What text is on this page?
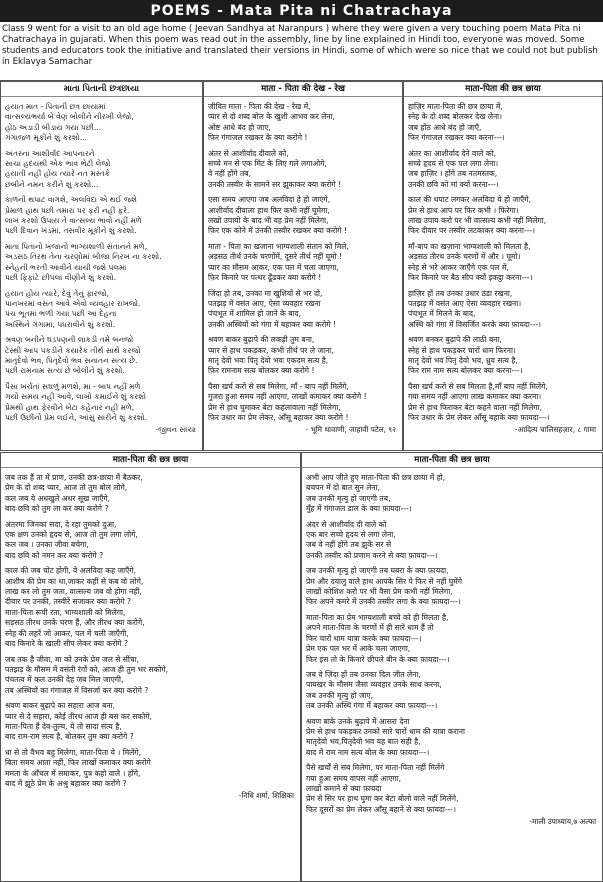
POEMS - Mata Pita ni Chatrachaya
Class 9 went for a visit to an old age home ( Jeevan Sandhya at Naranpurs ) where they were given a very touching poem Mata Pita ni Chatrachaya in gujarati. When this poem was read out in the assembly, line by line explained in Hindi too, everyone was moved. Some students and educators took the initiative and translated their versions in Hindi, some of which were so nice that we could not but publish in Eklavya Samachar
માતા પિતાની છત્રછાયા

હયાત માત - પિતાની છત્ર છાયામાં
વાત્સલ્યભર્યા બે વેણ બોલીને નીરખી લેજો,
હોઠ અડાડી બીડાય ગયા પછી...
ગંગાજળ મૂકીને શું કરશો...

અંતરના આશીર્વાદ આપનારને
સાચા હદયથી એક ભાવ ભેટી લેજો
હયાતી નહીં હોય ત્યારે નત મસ્તકે
છબીને નમન કરીને શું કરશો...

કાળની થપાટ વાગશે, અલવિદા એ થઈ જશે
પ્રેમાળ હાથ પછી તમારા પર ફરી નહીં ફરે.
લાખ કરશો ઉપાય તે વાત્સલ્ય ભાવો નહીં મળે
પછી દિવાન ખંડમાં, તસવીર મૂકીને શું કરશો.

માતા પિતાનો ખજાનો ભાગ્યશાળી સંતાનને મળે,
અડસઠ તિરથ તેના ચરણોમાં બીજા નિરખ ના કરશો.
સ્નેહની ભરતી આવીને યાચી જશે પલમાં
પછી ફિફાંટે છીપલાં વીણીને શું કરશો.

હયાત હોય ત્યારે, દેવું તેનું ફારજો,
પાનખરમાં વસંત આવે એવો વ્યવહાર રાખજો.
પંચ ભૂતમાં ભળી ગયા પછી આ દેહના
અસ્થિને ગંગામાં, પધરાવીને શું કરશો.

શ્રવણ બનીને ઘડપણની લાકડી તમે બનજો
ટેસ્થી આપ પકડીને કયારેક તીર્થ સાથે કરજો
માતૃદેવો ભવ, પિતૃદેવો ભવ સનાતન સત્ય છે.
પછી રામનામ સત્ય છે બોલીને શું કરશો.

પૈસા ખર્ચતાં સઘળું મળશે, મા - બાપ નહીં મળે
ગયો સમય નહીં આવે, લાખો કમાઈને શું કરશો
પ્રેમથી હાથ ફેરવીને બેટા કહેનાર નહીં મળે,
પછી ઉછીંનો પ્રેમ લઈને, આંસું સારીને શું કરશો.

-જીવન સંધ્યા
माता - पिता की देख - रेख

जीवित माता - पिता की देख - रेख में,
प्यार से दो शब्द बोल के खुशी आभव कर लेना,
ओष्ट आधे बंद हो जाए,
फ़िर गंगाजल रखकर के क्या करोगे !

अंतर से आशीर्वाद दीवाले को,
सच्चे मन से एक मिंट के लिए गले लगाओगे,
वे नहीं होंगे तब,
उनकी तस्वीर के सामने सर झुकाकर क्या करोगे !

एसा समय आएगा जब अलविदा हे हो जाएंगे,
आशीर्वाद दीवाला हाथ फ़िर कभी नहीं घूमेगा,
लखो उपायो के बाद भी वह प्रेम नहीं मिलेगा,
फ़िर एक कोने में उनकी तस्वीर रखकर क्या करोगे !

माता - पिता का खजाना भाग्यशाली संतान को मिले,
अड़सठ तीर्थ उनके चरणोंमें, दूसरे तीर्थ नहीं घूमो !
प्यार का मौसम आकर, एक पल में चला जाएगा,
फ़िर किनारे पर पत्थर ढूँढकर क्या करोगे !

जिंदा हो तब, उनका मा खुशियों से भर दो,
पतझड़ में वसंत आए, ऐसा व्यवहार रखना
पंचभूत में शामिल हो जाने के बाद,
उनकी अस्थियों को गंगा में बहाकर क्या करोगे !

श्रवण बाकर बुढ़ापे की लकड़ी तुम बना,
प्यार से हाथ पकड़कर, कभी तीर्थ पर ले जाना,
मातृ देवो भवः पितृ देवो भवः एकदम सत्य है,
फ़िर रामनाम सत्य बोलकर क्या करोगे !

पैसा खर्च करो से सब मिलेगा, माँ - बाप नहीं मिलेंगे,
गुजरा हुआ समय नहीं आएगा, लाखों कमाकर क्या करोगे !
प्रेम से हाथ घुमाकर बेटा कहलावाला नहीं मिलेगा,
फ़िर उधार का प्रेम लेकर, आँसू बहाकर क्या करोगे !

- भूमि थावाणी, जाहावी पटेल, ९२
माता-पिता की छत्र छाया

हाज़िर माता-पिता की छत्र छाया में,
स्नेह के दो शब्द बोलकर देख लेना।
जब होंठ आधे बंद हो जाएँ,
फिर गंगाजल रखकर क्या करना---।

अंतर का आशीर्वाद देने वाले को,
सच्चे हृदय से एक पल लगा लेना।
जब हाज़िर । होंगे तब नतमस्तक,
उनकी छवि को मां क्यों करना---।

काल की थपाट लगकर अलविदा ये हो जाएँगे,
प्रेम से हाथ आप पर फिर कभी । फिरेगा।
लाख उपाय करो पर भी वात्सल्य कभी नहीं मिलेगा,
फिर दीवार पर तस्वीर लटकाकर क्या करना---।

माँ-बाप का खज़ाना भाग्यशाली को मिलता है,
अड़सठ तीरथ उनके चरणों में और । घूमो।
स्नेह से भरे आकर जाएँगे एक पल में,
फिर किनारे पर बैठ सीप क्यों इकट्ठा करना---।

हाज़िर हों तब उनका उधार ठंडा रखना,
पतझड़ में वसंत आए ऐसा व्यवहार रखना।
पंचभूत में मिलने के बाद,
अस्थि को गंगा में विसर्जित करके क्या फ़ायदा---।

श्रवण बनकर बुढ़ापे की लाठी बना,
स्नेह से हाथ पकड़कर चारों धाम फिरना।
मातृ देवो भव पितृ देवो भव, ध्रुव सत्य है,
फिर राम नाम सत्य बोलकर क्या करना---।

पैसा खर्च करो से सब मिलता है,माँ बाप नहीं मिलेंगे,
गया समय नहीं आएगा लाख कमाकर क्या करना।
प्रेम से हाथ फिराकर बेटा कहने वाला नहीं मिलेगा,
फिर उधार के प्रेम लेकर आँसू बहाके क्या फ़ायदा---।

-आदित्य चालिसहज़ार, ८ गामा
माता-पिता की छत्र छाया

जब तक हैं ता में प्राण, उनकी छत्र-छाया में बैठकर,
प्रेम के दो शब्द प्यार, आज तो तुम बोल लोगे,
कल जब ये अधखुले अधर सूख जाएँगे,
बाद छवि को तुम ला कर क्या करोगे ?

अंतरमा जिनका सदा, दे रहा तुमको दुआ,
एक क्षण उनको हृदय से, आज तो तुम लगा लोगे,
कल जब । उनका जीवा बचेगा,
बाद छवि को नमन कर क्या करोगे ?

काल की जब चोट होगी, वे अलविदा कह जाएँगे,
आशीष की प्रेम का था,जाकर कहीं से कब वो लोगे,
लाख कर लो तुम जता, वात्सल्य जब वो होगा नहीं,
दीवार पर उनकी, तस्वीरें सजाकर क्या करोगे ?
माता-पिता रूपी रता, भाग्यशाली को मिलेगा,
सड़सठ तीरथ उनके चरण हैं, और तीरथ क्या करोगे,
स्नेह की लहरें जो आकर, पल में चली जाएँगी,
बाद किनारे के खाली सीप लेकर क्या करोगे ?

जब तक है जीवा, मा को उनके प्रेम जल से सींचा,
पतझड़ के मौसम में वसंती रंगों को, आज ही तुम भर सकोगे,
पंचतत्व में कल उनकी देह जब मिल जाएगी,
तब अस्थियों का गंगाजल में विसर्जा कर क्या करोगे ?

श्रवण बाकर बुढ़ापे का सहारा आज बना,
प्यार से दे सहारा, कोई तीरथ आज ही बस कर सकोगे,
माता-पिता हैं देव-तुल्य, ये तो सादा सत्य है,
बाद राम-राम सत्य है, बोलकर तुम क्या करोगे ?

धा से तो वैभव बहु मिलेगा, माता-पिता ये । मिलेंगे,
बिता समय आता नहीं, फिर लाखों कमाकर क्या करोगे
ममता के आँचल में समाकर, पुत्र कहो वाले । होंगे,
बाद में झूठे प्रेम के अश्रु बहाकर क्या करोगे ?

-निधि शर्मा, शिक्षिका
माता-पिता की छत्र छाया

अभी आप जीते हुए माता-पिता की छत्र छाया में हो,
बचपन में दो बात सुन लेना,
जब उनकी मृत्यु हो जाएगी तब,
मुँह में गंगाजल डाल के क्या फ़ायदा---।

अंदर से आशीर्वाद दी वाले को
एक बार सच्चे हृदय से लगा लेना,
जब वे नहीं होंगे तब झुकें सर से
उनकी तस्वीर को प्रणाम करने से क्या फ़ायदा---।

जब उनकी मृत्यु हो जाएगी तब घबरा के क्या फ़ायदा,
प्रेम और दयालु वाले हाथ आपके सिर पे फिर से नहीं घुमेंगे
लाखों कोशिश करो पर भी वैसा प्रेम कभी नहीं मिलेगा,
फिर अपने कमरे में उनकी तस्वीर लगा के क्या फ़ायदा---।

माता-पिता का प्रेम भाग्यशाली बच्चे को ही मिलता है,
अपने माता-पिता के चरणों में ही सारे धाम हैं तो
फिर चारों धाम यात्रा करके क्या फ़ायदा---।
प्रेम एक पल भर में आके चला जाएगा,
फिर इस तो के किनारे छीपले बीन के क्या फ़ायदा---।

जब वे ज़िंदा हों तब उनका दिल जीत लेना,
पायखर के मौसम जैसा व्यवहार उनके साथ करना,
जब उनकी मृत्यु हो जाए,
तब उनकी अस्थि गंगा में बहाकर क्या फ़ायदा---।

श्रवण बाके उनके बुढ़ापे में आसरा देना
प्रेम से हाथ पकड़कर उनको सारे चारों धाम की यात्रा कराना
मातृदेवो भव,पितृदेवो भव यह बात सही है,
बाद में राम नाम सत्य बोल के क्या फ़ायदा---।

पैसे खर्चों से सब मिलेगा, पर माता-पिता नहीं मिलेंगे
गया हुआ समय वापस नहीं आएगा,
लाखों कमाने से क्या फ़ायदा
प्रेम से सिर पर हाथ घुमा कर बेटा बोलो वाले नहीं मिलेंगे,
फिर दूसरों का प्रेम लेकर आँसू बहाने से क्या फ़ायदा---।

-माली उपाध्याय,७ अल्फा
